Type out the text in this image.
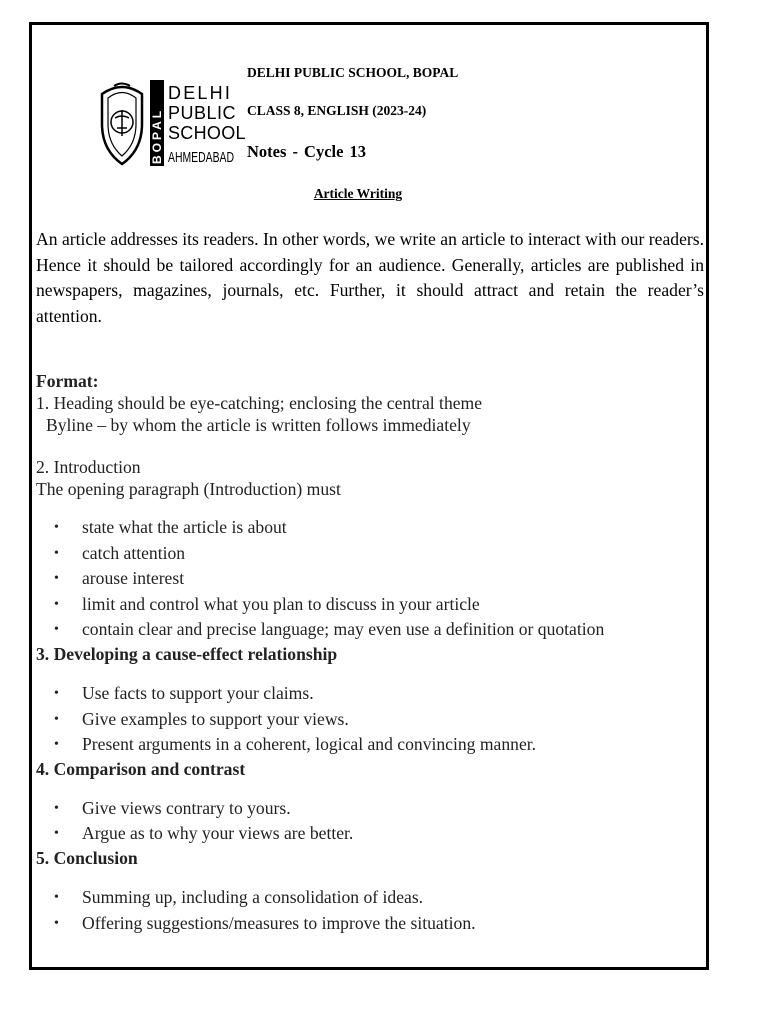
BOPAL
DELHI
PUBLIC
SCHOOL
AHMEDABAD
DELHI PUBLIC SCHOOL, BOPAL
CLASS 8, ENGLISH (2023-24)
Notes - Cycle 13
Article Writing
An article addresses its readers. In other words, we write an article to interact with our readers. Hence it should be tailored accordingly for an audience. Generally, articles are published in newspapers, magazines, journals, etc. Further, it should attract and retain the reader’s attention.
Format:
1. Heading should be eye-catching; enclosing the central theme
Byline – by whom the article is written follows immediately
2. Introduction
The opening paragraph (Introduction) must
• state what the article is about
• catch attention
• arouse interest
• limit and control what you plan to discuss in your article
• contain clear and precise language; may even use a definition or quotation
3. Developing a cause-effect relationship
• Use facts to support your claims.
• Give examples to support your views.
• Present arguments in a coherent, logical and convincing manner.
4. Comparison and contrast
• Give views contrary to yours.
• Argue as to why your views are better.
5. Conclusion
• Summing up, including a consolidation of ideas.
• Offering suggestions/measures to improve the situation.
